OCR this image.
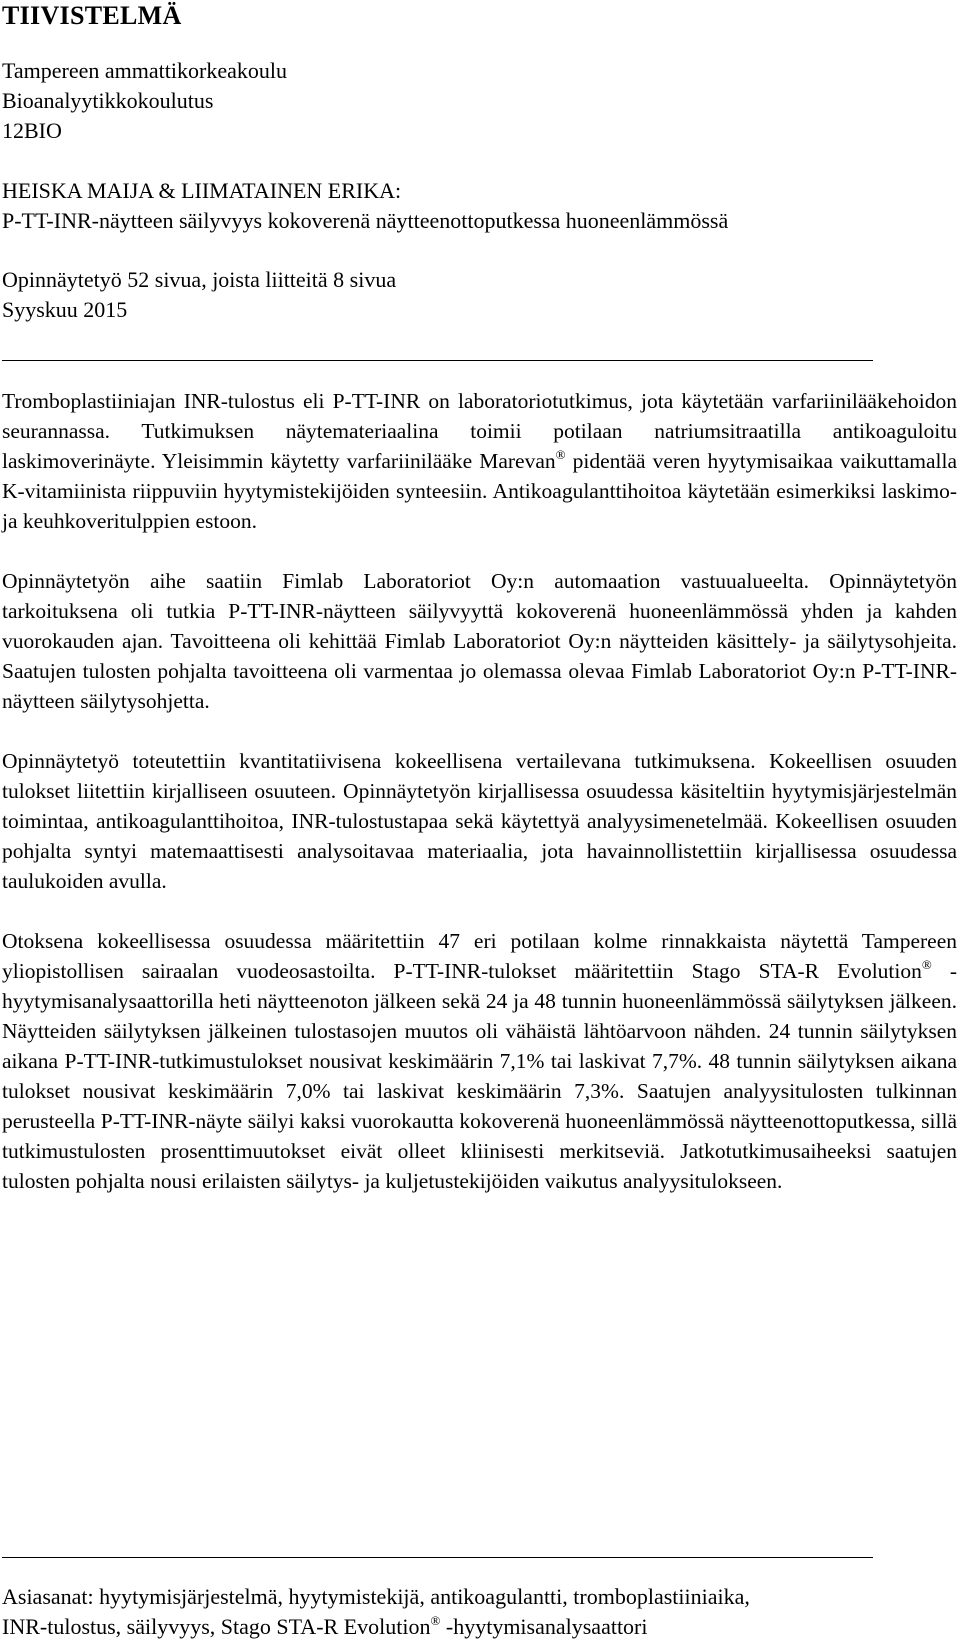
TIIVISTELMÄ
Tampereen ammattikorkeakoulu
Bioanalyytikkokoulutus
12BIO
HEISKA MAIJA & LIIMATAINEN ERIKA:
P-TT-INR-näytteen säilyvyys kokoverenä näytteenottoputkessa huoneenlämmössä
Opinnäytetyö 52 sivua, joista liitteitä 8 sivua
Syyskuu 2015

Tromboplastiiniajan INR-tulostus eli P-TT-INR on laboratoriotutkimus, jota käytetään varfariinilääkehoidon seurannassa. Tutkimuksen näytemateriaalina toimii potilaan natriumsitraatilla antikoaguloitu laskimoverinäyte. Yleisimmin käytetty varfariinilääke Marevan® pidentää veren hyytymisaikaa vaikuttamalla K-vitamiinista riippuviin hyytymistekijöiden synteesiin. Antikoagulanttihoitoa käytetään esimerkiksi laskimo- ja keuhkoveritulppien estoon.

Opinnäytetyön aihe saatiin Fimlab Laboratoriot Oy:n automaation vastuualueelta. Opinnäytetyön tarkoituksena oli tutkia P-TT-INR-näytteen säilyvyyttä kokoverenä huoneenlämmössä yhden ja kahden vuorokauden ajan. Tavoitteena oli kehittää Fimlab Laboratoriot Oy:n näytteiden käsittely- ja säilytysohjeita. Saatujen tulosten pohjalta tavoitteena oli varmentaa jo olemassa olevaa Fimlab Laboratoriot Oy:n P-TT-INR-näytteen säilytysohjetta.

Opinnäytetyö toteutettiin kvantitatiivisena kokeellisena vertailevana tutkimuksena. Kokeellisen osuuden tulokset liitettiin kirjalliseen osuuteen. Opinnäytetyön kirjallisessa osuudessa käsiteltiin hyytymisjärjestelmän toimintaa, antikoagulanttihoitoa, INR-tulostustapaa sekä käytettyä analyysimenetelmää. Kokeellisen osuuden pohjalta syntyi matemaattisesti analysoitavaa materiaalia, jota havainnollistettiin kirjallisessa osuudessa taulukoiden avulla.

Otoksena kokeellisessa osuudessa määritettiin 47 eri potilaan kolme rinnakkaista näytettä Tampereen yliopistollisen sairaalan vuodeosastoilta. P-TT-INR-tulokset määritettiin Stago STA-R Evolution® -hyytymisanalysaattorilla heti näytteenoton jälkeen sekä 24 ja 48 tunnin huoneenlämmössä säilytyksen jälkeen. Näytteiden säilytyksen jälkeinen tulostasojen muutos oli vähäistä lähtöarvoon nähden. 24 tunnin säilytyksen aikana P-TT-INR-tutkimustulokset nousivat keskimäärin 7,1% tai laskivat 7,7%. 48 tunnin säilytyksen aikana tulokset nousivat keskimäärin 7,0% tai laskivat keskimäärin 7,3%. Saatujen analyysitulosten tulkinnan perusteella P-TT-INR-näyte säilyi kaksi vuorokautta kokoverenä huoneenlämmössä näytteenottoputkessa, sillä tutkimustulosten prosenttimuutokset eivät olleet kliinisesti merkitseviä. Jatkotutkimusaiheeksi saatujen tulosten pohjalta nousi erilaisten säilytys- ja kuljetustekijöiden vaikutus analyysitulokseen.

Asiasanat: hyytymisjärjestelmä, hyytymistekijä, antikoagulantti, tromboplastiiniaika,
INR-tulostus, säilyvyys, Stago STA-R Evolution® -hyytymisanalysaattori
